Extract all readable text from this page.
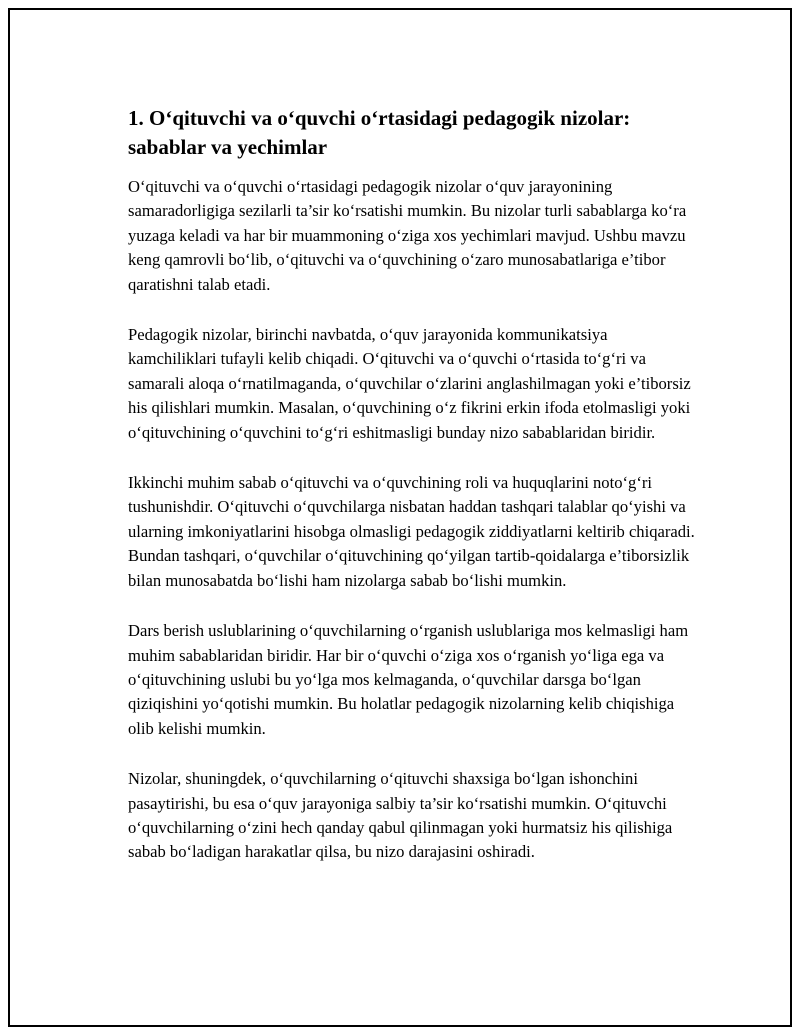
1. O‘qituvchi va o‘quvchi o‘rtasidagi pedagogik nizolar: sabablar va yechimlar

O‘qituvchi va o‘quvchi o‘rtasidagi pedagogik nizolar o‘quv jarayonining samaradorligiga sezilarli ta’sir ko‘rsatishi mumkin. Bu nizolar turli sabablarga ko‘ra yuzaga keladi va har bir muammoning o‘ziga xos yechimlari mavjud. Ushbu mavzu keng qamrovli bo‘lib, o‘qituvchi va o‘quvchining o‘zaro munosabatlariga e’tibor qaratishni talab etadi.

Pedagogik nizolar, birinchi navbatda, o‘quv jarayonida kommunikatsiya kamchiliklari tufayli kelib chiqadi. O‘qituvchi va o‘quvchi o‘rtasida to‘g‘ri va samarali aloqa o‘rnatilmaganda, o‘quvchilar o‘zlarini anglashilmagan yoki e’tiborsiz his qilishlari mumkin. Masalan, o‘quvchining o‘z fikrini erkin ifoda etolmasligi yoki o‘qituvchining o‘quvchini to‘g‘ri eshitmasligi bunday nizo sabablaridan biridir.

Ikkinchi muhim sabab o‘qituvchi va o‘quvchining roli va huquqlarini noto‘g‘ri tushunishdir. O‘qituvchi o‘quvchilarga nisbatan haddan tashqari talablar qo‘yishi va ularning imkoniyatlarini hisobga olmasligi pedagogik ziddiyatlarni keltirib chiqaradi. Bundan tashqari, o‘quvchilar o‘qituvchining qo‘yilgan tartib-qoidalarga e’tiborsizlik bilan munosabatda bo‘lishi ham nizolarga sabab bo‘lishi mumkin.

Dars berish uslublarining o‘quvchilarning o‘rganish uslublariga mos kelmasligi ham muhim sabablaridan biridir. Har bir o‘quvchi o‘ziga xos o‘rganish yo‘liga ega va o‘qituvchining uslubi bu yo‘lga mos kelmaganda, o‘quvchilar darsga bo‘lgan qiziqishini yo‘qotishi mumkin. Bu holatlar pedagogik nizolarning kelib chiqishiga olib kelishi mumkin.

Nizolar, shuningdek, o‘quvchilarning o‘qituvchi shaxsiga bo‘lgan ishonchini pasaytirishi, bu esa o‘quv jarayoniga salbiy ta’sir ko‘rsatishi mumkin. O‘qituvchi o‘quvchilarning o‘zini hech qanday qabul qilinmagan yoki hurmatsiz his qilishiga sabab bo‘ladigan harakatlar qilsa, bu nizo darajasini oshiradi.
